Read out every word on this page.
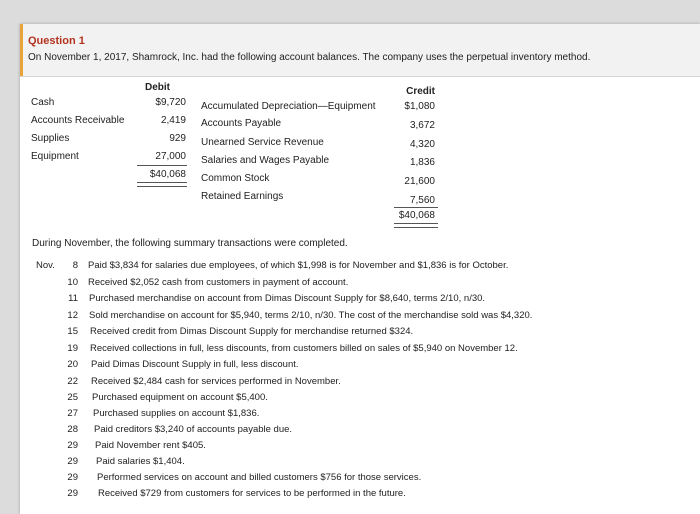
Question 1
On November 1, 2017, Shamrock, Inc. had the following account balances. The company uses the perpetual inventory method.
Debit	Credit
Cash	$9,720
Accounts Receivable	2,419
Supplies	929
Equipment	27,000
$40,068
Accumulated Depreciation—Equipment	$1,080
Accounts Payable	3,672
Unearned Service Revenue	4,320
Salaries and Wages Payable	1,836
Common Stock	21,600
Retained Earnings	7,560
$40,068
During November, the following summary transactions were completed.
Nov.	8 Paid $3,834 for salaries due employees, of which $1,998 is for November and $1,836 is for October.
10 Received $2,052 cash from customers in payment of account.
11 Purchased merchandise on account from Dimas Discount Supply for $8,640, terms 2/10, n/30.
12 Sold merchandise on account for $5,940, terms 2/10, n/30. The cost of the merchandise sold was $4,320.
15 Received credit from Dimas Discount Supply for merchandise returned $324.
19 Received collections in full, less discounts, from customers billed on sales of $5,940 on November 12.
20 Paid Dimas Discount Supply in full, less discount.
22 Received $2,484 cash for services performed in November.
25 Purchased equipment on account $5,400.
27 Purchased supplies on account $1,836.
28 Paid creditors $3,240 of accounts payable due.
29 Paid November rent $405.
29 Paid salaries $1,404.
29 Performed services on account and billed customers $756 for those services.
29 Received $729 from customers for services to be performed in the future.
